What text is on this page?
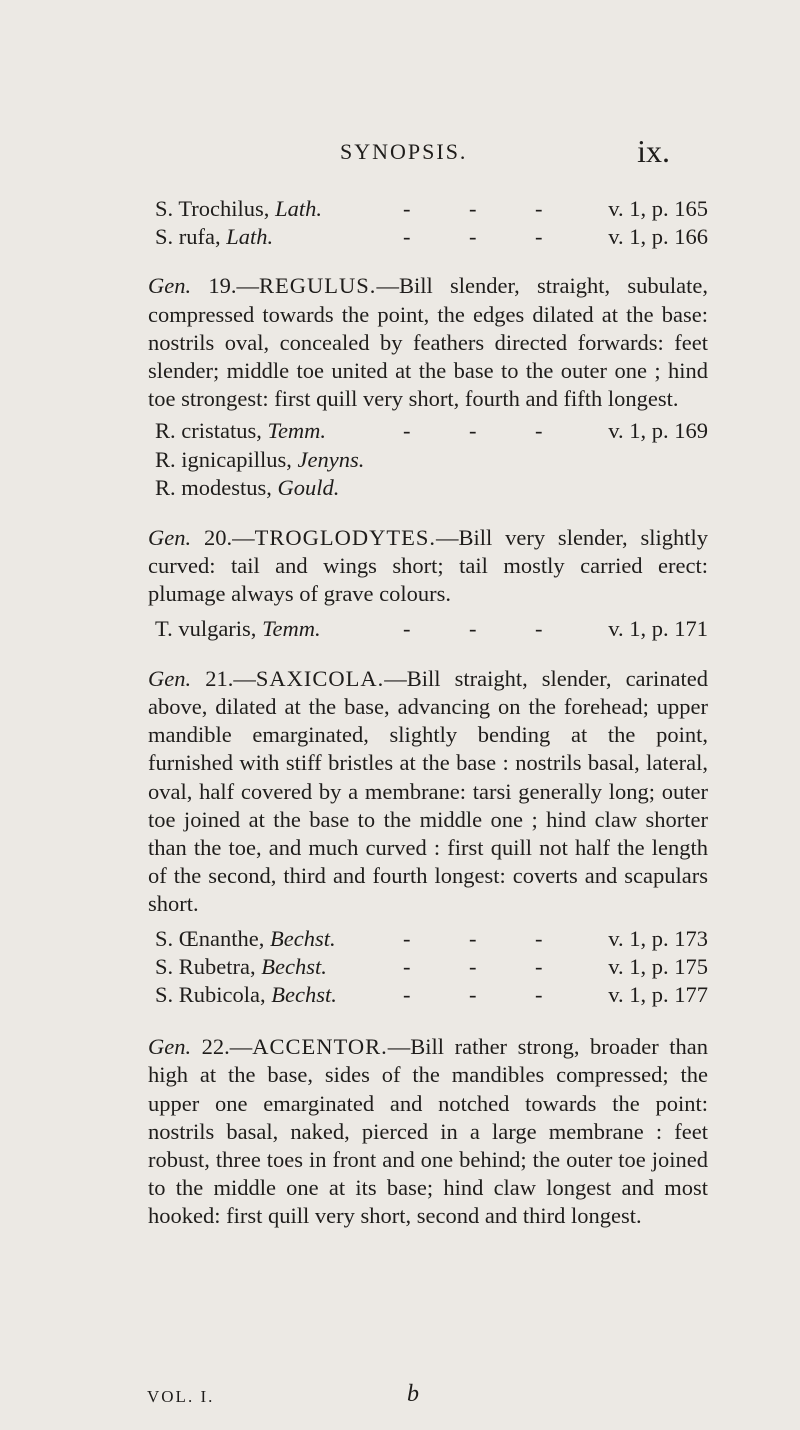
SYNOPSIS.	ix.
S. Trochilus, Lath.	-	-	-	v. 1, p. 165
S. rufa, Lath.	-	-	-	v. 1, p. 166
Gen. 19.—REGULUS.—Bill slender, straight, subulate, compressed towards the point, the edges dilated at the base: nostrils oval, concealed by feathers directed forwards: feet slender; middle toe united at the base to the outer one ; hind toe strongest: first quill very short, fourth and fifth longest.
R. cristatus, Temm.	-	-	-	v. 1, p. 169
R. ignicapillus, Jenyns.
R. modestus, Gould.
Gen. 20.—TROGLODYTES.—Bill very slender, slightly curved: tail and wings short; tail mostly carried erect: plumage always of grave colours.
T. vulgaris, Temm.	-	-	-	v. 1, p. 171
Gen. 21.—SAXICOLA.—Bill straight, slender, carinated above, dilated at the base, advancing on the forehead; upper mandible emarginated, slightly bending at the point, furnished with stiff bristles at the base : nostrils basal, lateral, oval, half covered by a membrane: tarsi generally long; outer toe joined at the base to the middle one ; hind claw shorter than the toe, and much curved : first quill not half the length of the second, third and fourth longest: coverts and scapulars short.
S. Œnanthe, Bechst.	-	-	-	v. 1, p. 173
S. Rubetra, Bechst.	-	-	-	v. 1, p. 175
S. Rubicola, Bechst.	-	-	-	v. 1, p. 177
Gen. 22.—ACCENTOR.—Bill rather strong, broader than high at the base, sides of the mandibles compressed; the upper one emarginated and notched towards the point: nostrils basal, naked, pierced in a large membrane : feet robust, three toes in front and one behind; the outer toe joined to the middle one at its base; hind claw longest and most hooked: first quill very short, second and third longest.
VOL. I.	b
